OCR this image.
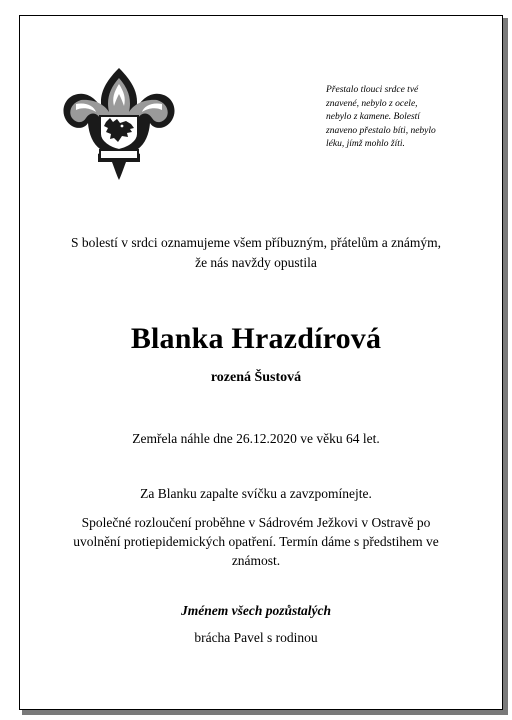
Přestalo tlouci srdce tvé
znavené, nebylo z ocele,
nebylo z kamene. Bolestí
znaveno přestalo bíti, nebylo
léku, jímž mohlo žíti.
S bolestí v srdci oznamujeme všem příbuzným, přátelům a známým,
že nás navždy opustila
Blanka Hrazdírová
rozená Šustová
Zemřela náhle dne 26.12.2020 ve věku 64 let.
Za Blanku zapalte svíčku a zavzpomínejte.
Společné rozloučení proběhne v Sádrovém Ježkovi v Ostravě po
uvolnění protiepidemických opatření. Termín dáme s předstihem ve
známost.
Jménem všech pozůstalých
brácha Pavel s rodinou
